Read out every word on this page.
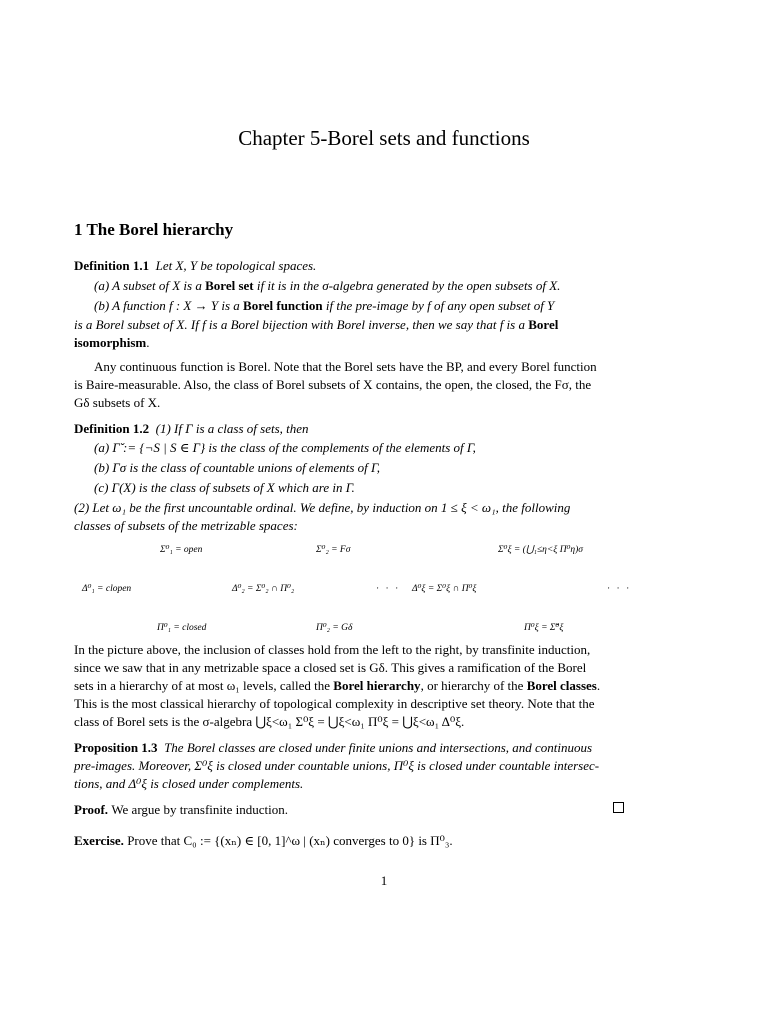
Chapter 5-Borel sets and functions
1 The Borel hierarchy
Definition 1.1 Let X, Y be topological spaces.
(a) A subset of X is a Borel set if it is in the σ-algebra generated by the open subsets of X.
(b) A function f : X → Y is a Borel function if the pre-image by f of any open subset of Y
is a Borel subset of X. If f is a Borel bijection with Borel inverse, then we say that f is a Borel
isomorphism.
Any continuous function is Borel. Note that the Borel sets have the BP, and every Borel function
is Baire-measurable. Also, the class of Borel subsets of X contains, the open, the closed, the Fσ, the
Gδ subsets of X.
Definition 1.2 (1) If Γ is a class of sets, then
(a) Γ̌ := {¬S | S ∈ Γ} is the class of the complements of the elements of Γ,
(b) Γσ is the class of countable unions of elements of Γ,
(c) Γ(X) is the class of subsets of X which are in Γ.
(2) Let ω₁ be the first uncountable ordinal. We define, by induction on 1 ≤ ξ < ω₁, the following
classes of subsets of the metrizable spaces:
Σ⁰₁ = open	Σ⁰₂ = Fσ	Σ⁰ξ = (⋃₁≤η<ξ Π⁰η)σ
Δ⁰₁ = clopen	Δ⁰₂ = Σ⁰₂ ∩ Π⁰₂	· · · Δ⁰ξ = Σ⁰ξ ∩ Π⁰ξ	· · ·
Π⁰₁ = closed	Π⁰₂ = Gδ	Π⁰ξ = Σ̌⁰ξ
In the picture above, the inclusion of classes hold from the left to the right, by transfinite induction,
since we saw that in any metrizable space a closed set is Gδ. This gives a ramification of the Borel
sets in a hierarchy of at most ω₁ levels, called the Borel hierarchy, or hierarchy of the Borel classes.
This is the most classical hierarchy of topological complexity in descriptive set theory. Note that the
class of Borel sets is the σ-algebra ⋃ξ<ω₁ Σ⁰ξ = ⋃ξ<ω₁ Π⁰ξ = ⋃ξ<ω₁ Δ⁰ξ.
Proposition 1.3 The Borel classes are closed under finite unions and intersections, and continuous
pre-images. Moreover, Σ⁰ξ is closed under countable unions, Π⁰ξ is closed under countable intersec-
tions, and Δ⁰ξ is closed under complements.
Proof. We argue by transfinite induction.
Exercise. Prove that C₀ := {(xₙ) ∈ [0, 1]^ω | (xₙ) converges to 0} is Π⁰₃.
1
